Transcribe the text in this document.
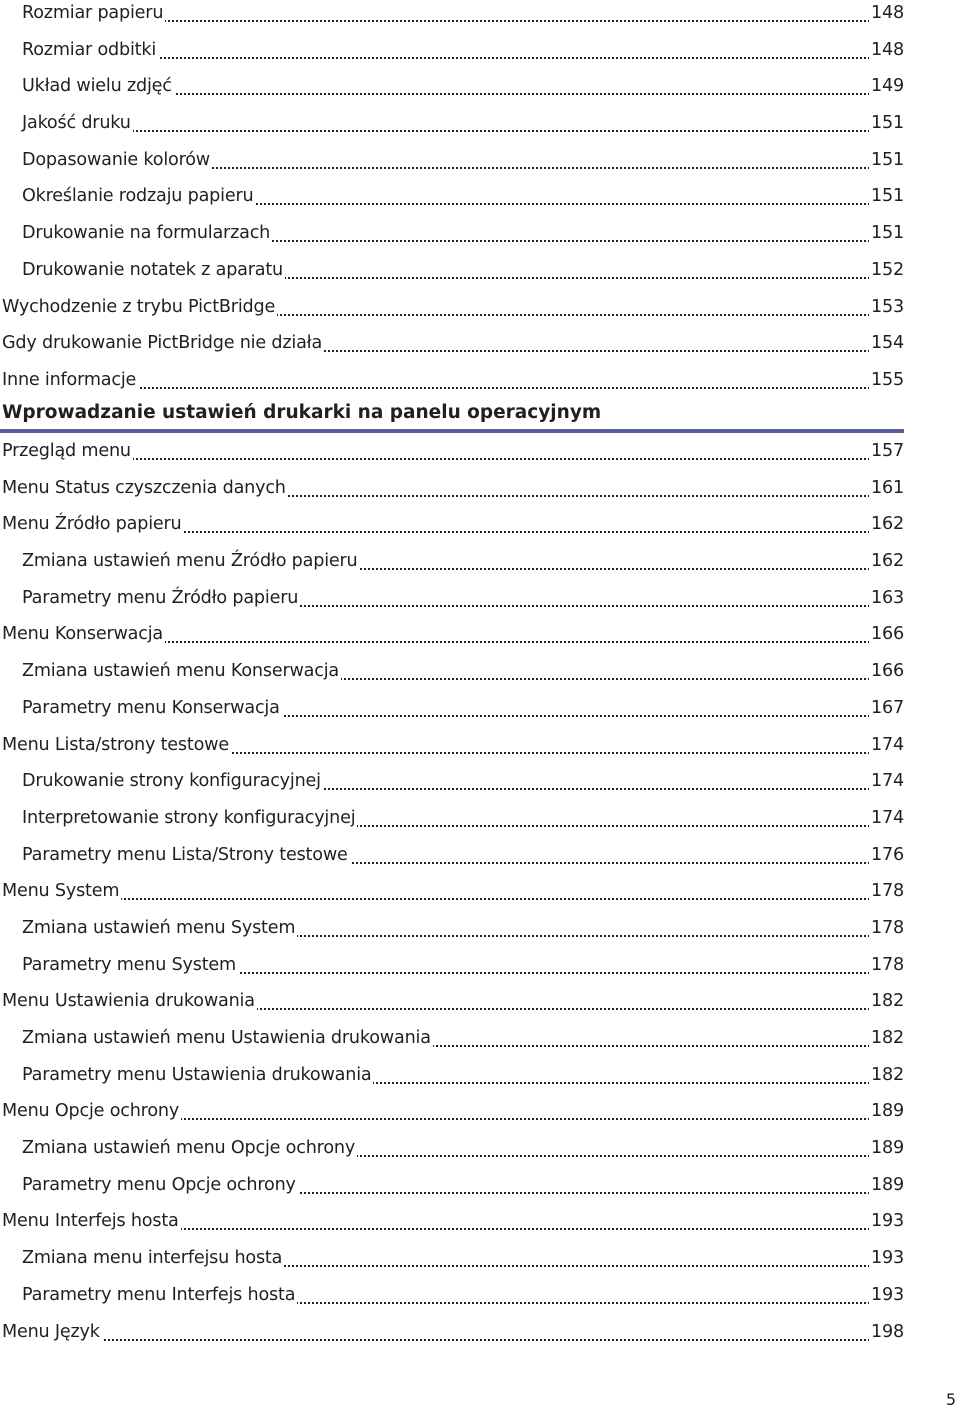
Rozmiar papieru	148
Rozmiar odbitki	148
Układ wielu zdjęć	149
Jakość druku	151
Dopasowanie kolorów	151
Określanie rodzaju papieru	151
Drukowanie na formularzach	151
Drukowanie notatek z aparatu	152
Wychodzenie z trybu PictBridge	153
Gdy drukowanie PictBridge nie działa	154
Inne informacje	155
Wprowadzanie ustawień drukarki na panelu operacyjnym
Przegląd menu	157
Menu Status czyszczenia danych	161
Menu Źródło papieru	162
Zmiana ustawień menu Źródło papieru	162
Parametry menu Źródło papieru	163
Menu Konserwacja	166
Zmiana ustawień menu Konserwacja	166
Parametry menu Konserwacja	167
Menu Lista/strony testowe	174
Drukowanie strony konfiguracyjnej	174
Interpretowanie strony konfiguracyjnej	174
Parametry menu Lista/Strony testowe	176
Menu System	178
Zmiana ustawień menu System	178
Parametry menu System	178
Menu Ustawienia drukowania	182
Zmiana ustawień menu Ustawienia drukowania	182
Parametry menu Ustawienia drukowania	182
Menu Opcje ochrony	189
Zmiana ustawień menu Opcje ochrony	189
Parametry menu Opcje ochrony	189
Menu Interfejs hosta	193
Zmiana menu interfejsu hosta	193
Parametry menu Interfejs hosta	193
Menu Język	198
5
